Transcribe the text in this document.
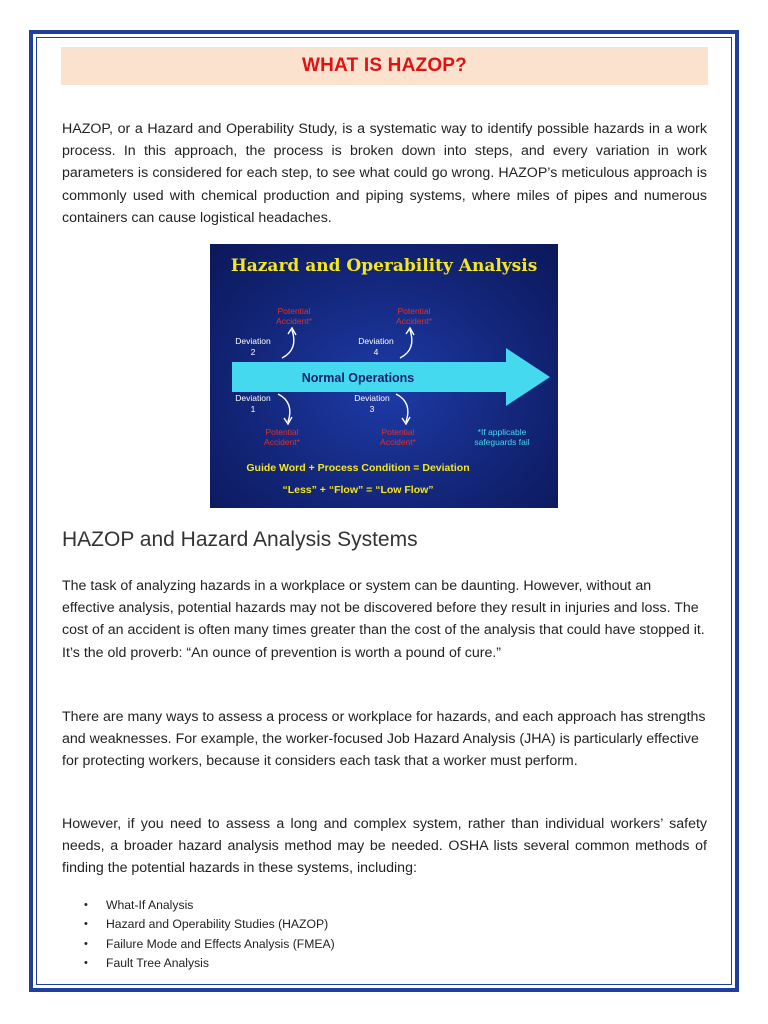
WHAT IS HAZOP?

HAZOP, or a Hazard and Operability Study, is a systematic way to identify possible hazards in a work process. In this approach, the process is broken down into steps, and every variation in work parameters is considered for each step, to see what could go wrong. HAZOP’s meticulous approach is commonly used with chemical production and piping systems, where miles of pipes and numerous containers can cause logistical headaches.

Hazard and Operability Analysis
Potential
Accident*
Potential
Accident*
Deviation
2
Deviation
4
Normal Operations
Deviation
1
Deviation
3
Potential
Accident*
Potential
Accident*
*If applicable
safeguards fail
Guide Word + Process Condition = Deviation
“Less” + “Flow” = “Low Flow”
HAZOP and Hazard Analysis Systems

The task of analyzing hazards in a workplace or system can be daunting. However, without an effective analysis, potential hazards may not be discovered before they result in injuries and loss. The cost of an accident is often many times greater than the cost of the analysis that could have stopped it. It’s the old proverb: “An ounce of prevention is worth a pound of cure.”

There are many ways to assess a process or workplace for hazards, and each approach has strengths and weaknesses. For example, the worker-focused Job Hazard Analysis (JHA) is particularly effective for protecting workers, because it considers each task that a worker must perform.

However, if you need to assess a long and complex system, rather than individual workers’ safety needs, a broader hazard analysis method may be needed. OSHA lists several common methods of finding the potential hazards in these systems, including:

• What-If Analysis
• Hazard and Operability Studies (HAZOP)
• Failure Mode and Effects Analysis (FMEA)
• Fault Tree Analysis
